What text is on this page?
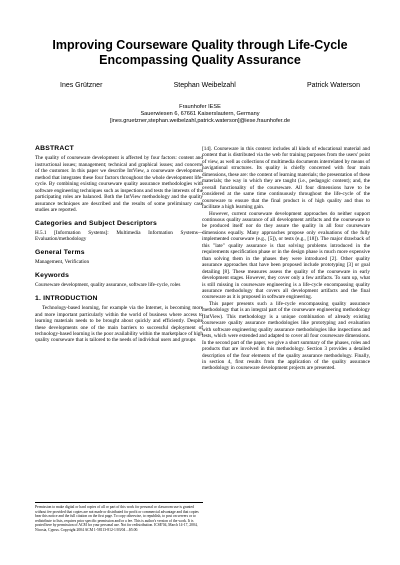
Improving Courseware Quality through Life-Cycle
Encompassing Quality Assurance
Ines Grützner	Stephan Weibelzahl	Patrick Waterson
Fraunhofer IESE
Sauerwiesen 6, 67661 Kaiserslautern, Germany
[ines.gruetzner,stephan.weibelzahl,patrick.waterson]@iese.fraunhofer.de
ABSTRACT

The quality of courseware development is affected by four factors: content and instructional issues; management; technical and graphical issues; and concerns of the customer. In this paper we describe IntView, a courseware development method that integrates these four factors throughout the whole development life-cycle. By combining existing courseware quality assurance methodologies with software engineering techniques such as inspections and tests the interests of the participating roles are balanced. Both the IntView methodology and the quality assurance techniques are described and the results of some preliminary case studies are reported.

Categories and Subject Descriptors

H.5.1 [Information Systems]: Multimedia Information Systems—Evaluation/methodology

General Terms

Management, Verification

Keywords

Courseware development, quality assurance, software life-cycle, roles

1. INTRODUCTION

Technology-based learning, for example via the Internet, is becoming more and more important particularly within the world of business where access to learning materials needs to be brought about quickly and efficiently. Despite these developments one of the main barriers to successful deployment of technology-based learning is the poor availability within the marketplace of high quality courseware that is tailored to the needs of individual users and groups

Permission to make digital or hard copies of all or part of this work for personal or classroom use is granted without fee provided that copies are not made or distributed for profit or commercial advantage and that copies bear this notice and the full citation on the first page. To copy otherwise, to republish, to post on servers or to redistribute to lists, requires prior specific permission and/or a fee. This is author's version of the work. It is posted here by permission of ACM for your personal use. Not for redistribution. ICSE'04, March 14-17, 2004, Nicosia, Cyprus. Copyright 2004 ACM 1-58113-812-1/03/04 ...$5.00.

[14]. Courseware in this context includes all kinds of educational material and content that is distributed via the web for training purposes from the users' point of view, as well as collections of multimedia documents interrelated by means of navigational structures. Its quality is chiefly concerned with four main dimensions, these are: the content of learning materials; the presentation of these materials; the way in which they are taught (i.e., pedagogic content); and, the overall functionality of the courseware. All four dimensions have to be considered at the same time continuously throughout the life-cycle of the courseware to ensure that the final product is of high quality and thus to facilitate a high learning gain.

However, current courseware development approaches do neither support continuous quality assurance of all development artifacts and the courseware to be produced itself nor do they assure the quality in all four courseware dimensions equally. Many approaches propose only evaluations of the fully implemented courseware (e.g., [5]), or tests (e.g., [18]). The major drawback of this "late" quality assurance is that solving problems introduced in the requirements specification phase or in the design phase is much more expensive than solving them in the phases they were introduced [2]. Other quality assurance approaches that have been proposed include prototyping [3] or goal detailing [8]. These measures assess the quality of the courseware in early development stages. However, they cover only a few artifacts. To sum up, what is still missing in courseware engineering is a life-cycle encompassing quality assurance methodology that covers all development artifacts and the final courseware as it is proposed in software engineering.

This paper presents such a life-cycle encompassing quality assurance methodology that is an integral part of the courseware engineering methodology (IntView). This methodology is a unique combination of already existing courseware quality assurance methodologies like prototyping and evaluation with software engineering quality assurance methodologies like inspections and tests, which were extended and adapted to cover all four courseware dimensions. In the second part of the paper, we give a short summary of the phases, roles and products that are involved in this methodology. Section 3 provides a detailed description of the four elements of the quality assurance methodology. Finally, in section 4, first results from the application of the quality assurance methodology in courseware development projects are presented.
